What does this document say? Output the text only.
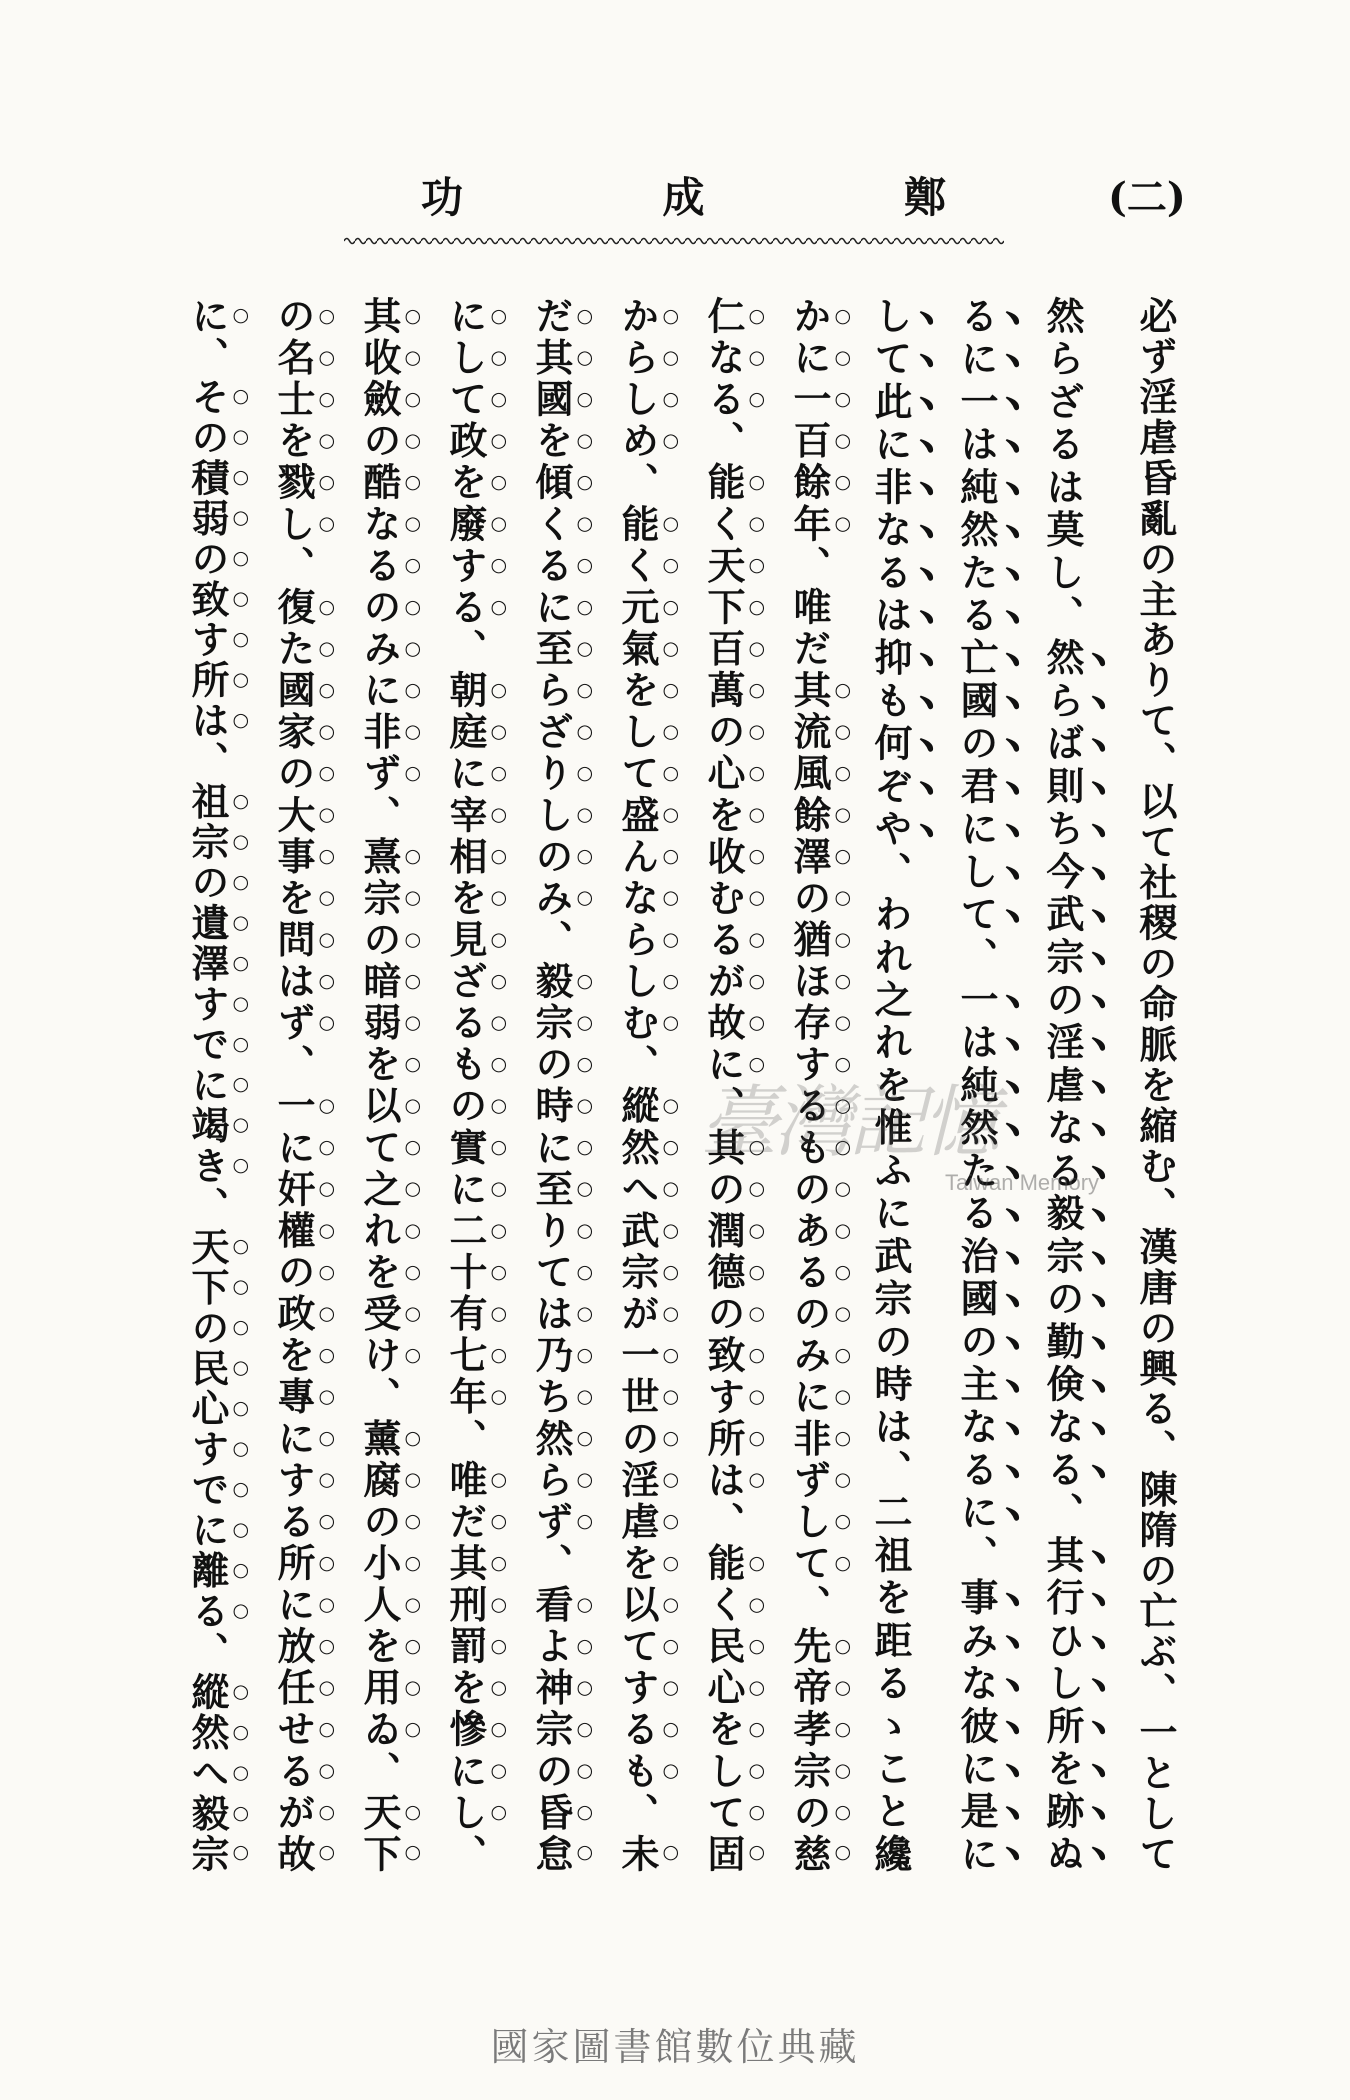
(二)
鄭成功
必ず淫虐昏亂の主ありて、以て社稷の命脈を縮む、漢唐の興る、陳隋の亡ぶ、一として
然らざるは莫し、然らば則ち今武宗の淫虐なる毅宗の勤倹なる、其行ひし所を跡ぬ
るに一は純然たる亡國の君にして、一は純然たる治國の主なるに、事みな彼に是に
して此に非なるは抑も何ぞや、われ之れを惟ふに武宗の時は、二祖を距るゝこと纔
かに一百餘年、唯だ其流風餘澤の猶ほ存するものあるのみに非ずして、先帝孝宗の慈
仁なる、能く天下百萬の心を收むるが故に、其の潤德の致す所は、能く民心をして固
からしめ、能く元氣をして盛んならしむ、縱然へ武宗が一世の淫虐を以てするも、未
だ其國を傾くるに至らざりしのみ、毅宗の時に至りては乃ち然らず、看よ神宗の昏怠
にして政を廢する、朝庭に宰相を見ざるもの實に二十有七年、唯だ其刑罰を慘にし、
其收斂の酷なるのみに非ず、熹宗の暗弱を以て之れを受け、薰腐の小人を用ゐ、天下
の名士を戮し、復た國家の大事を問はず、一に奸權の政を專にする所に放任せるが故
に、その積弱の致す所は、祖宗の遺澤すでに竭き、天下の民心すでに離る、縱然へ毅宗	臺灣記憶
Taiwan Memory
國家圖書館數位典藏
